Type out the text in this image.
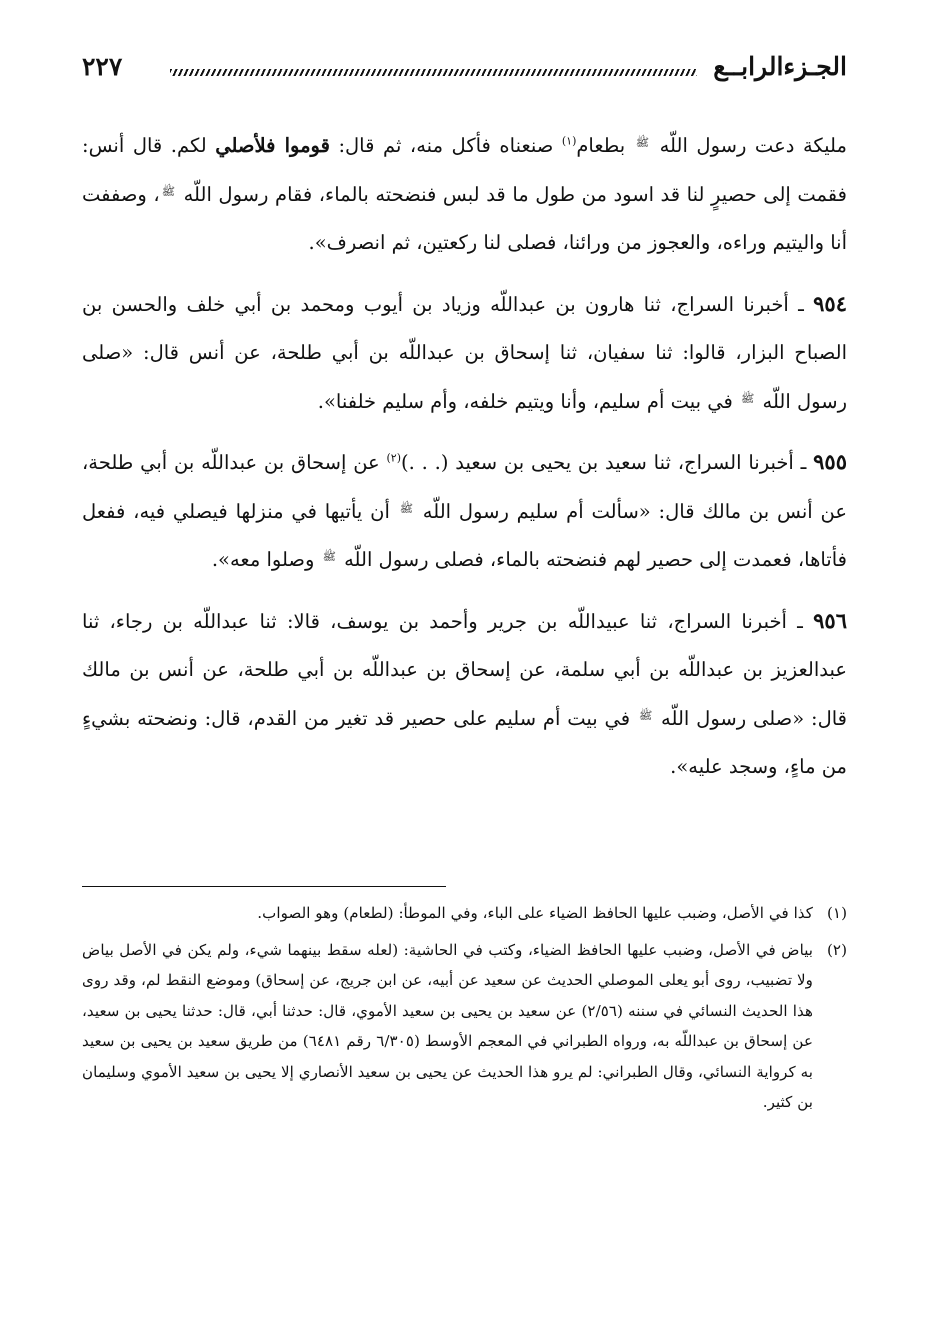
الجـزءالرابــع
٢٢٧

مليكة دعت رسول اللّه ﷺ بطعام$^{(١)}$ صنعناه فأكل منه، ثم قال: قوموا فلأصلي لكم. قال أنس: فقمت إلى حصيرٍ لنا قد اسود من طول ما قد لبس فنضحته بالماء، فقام رسول اللّه ﷺ، وصففت أنا واليتيم وراءه، والعجوز من ورائنا، فصلى لنا ركعتين، ثم انصرف».

٩٥٤ ـ أخبرنا السراج، ثنا هارون بن عبداللّه وزياد بن أيوب ومحمد بن أبي خلف والحسن بن الصباح البزار، قالوا: ثنا سفيان، ثنا إسحاق بن عبداللّه بن أبي طلحة، عن أنس قال: «صلى رسول اللّه ﷺ في بيت أم سليم، وأنا ويتيم خلفه، وأم سليم خلفنا».

٩٥٥ ـ أخبرنا السراج، ثنا سعيد بن يحيى بن سعيد (. . .)$^{(٢)}$ عن إسحاق بن عبداللّه بن أبي طلحة، عن أنس بن مالك قال: «سألت أم سليم رسول اللّه ﷺ أن يأتيها في منزلها فيصلي فيه، ففعل فأتاها، فعمدت إلى حصير لهم فنضحته بالماء، فصلى رسول اللّه ﷺ وصلوا معه».

٩٥٦ ـ أخبرنا السراج، ثنا عبيداللّه بن جرير وأحمد بن يوسف، قالا: ثنا عبداللّه بن رجاء، ثنا عبدالعزيز بن عبداللّه بن أبي سلمة، عن إسحاق بن عبداللّه بن أبي طلحة، عن أنس بن مالك قال: «صلى رسول اللّه ﷺ في بيت أم سليم على حصير قد تغير من القدم، قال: ونضحته بشيءٍ من ماءٍ، وسجد عليه».

(١)
كذا في الأصل، وضبب عليها الحافظ الضياء على الباء، وفي الموطأ: (لطعام) وهو الصواب.

(٢)
بياض في الأصل، وضبب عليها الحافظ الضياء، وكتب في الحاشية: (لعله سقط بينهما شيء، ولم يكن في الأصل بياض ولا تضبيب، روى أبو يعلى الموصلي الحديث عن سعيد عن أبيه، عن ابن جريج، عن إسحاق) وموضع النقط لم، وقد روى هذا الحديث النسائي في سننه (٢/٥٦) عن سعيد بن يحيى بن سعيد الأموي، قال: حدثنا أبي، قال: حدثنا يحيى بن سعيد، عن إسحاق بن عبداللّه به، ورواه الطبراني في المعجم الأوسط (٦/٣٠٥ رقم ٦٤٨١) من طريق سعيد بن يحيى بن سعيد به كرواية النسائي، وقال الطبراني: لم يرو هذا الحديث عن يحيى بن سعيد الأنصاري إلا يحيى بن سعيد الأموي وسليمان بن كثير.
